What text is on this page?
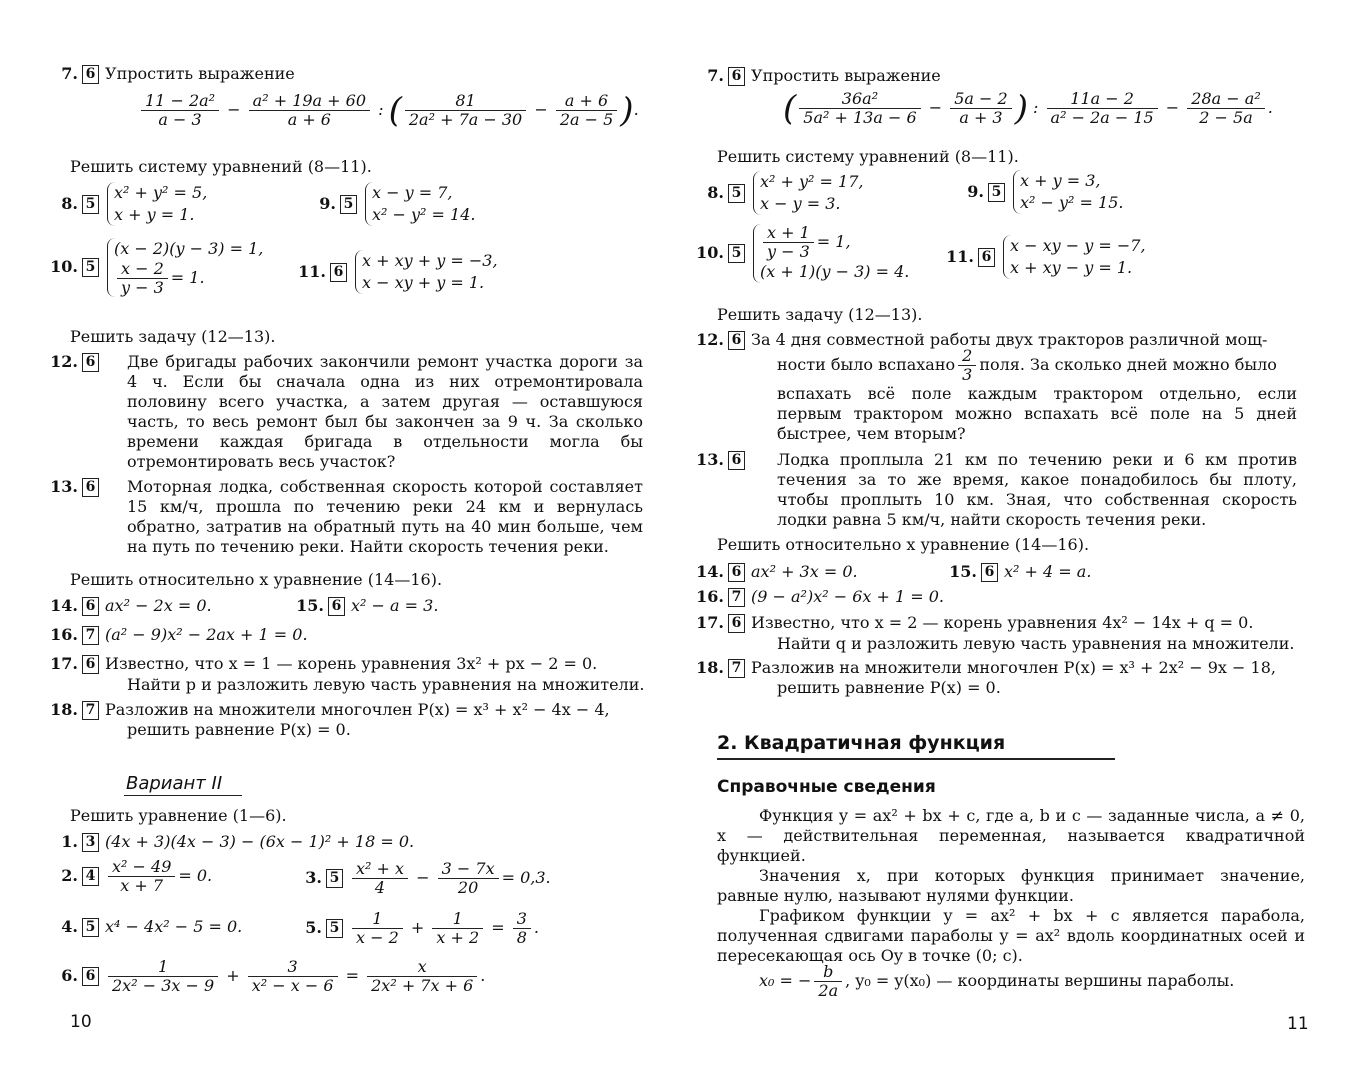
7. 6 Упростить выражение
$\frac{\text{11 − 2a²}}{a - 3} - \frac{\text{a² + 19a + 60}}{a + 6}$ : ( $\frac{81}{\text{2a² + 7a − 30}} - \frac{a + 6}{2a - 5}$ ).
Решить систему уравнений (8—11).
8. 5
x² + y² = 5,
x + y = 1.
9. 5
x − y = 7,
x² − y² = 14.
10. 5
(x − 2)(y − 3) = 1,
$\frac{x - 2}{y - 3} = 1$.	11. 6
x + xy + y = −3,
x − xy + y = 1.
Решить задачу (12—13).
12. 6	Две бригады рабочих закончили ремонт участка дороги за 4 ч. Если бы сначала одна из них отремонтировала половину всего участка, а затем другая — оставшуюся часть, то весь ремонт был бы закончен за 9 ч. За сколько времени каждая бригада в отдельности могла бы отремонтировать весь участок?
13. 6	Моторная лодка, собственная скорость которой составляет 15 км/ч, прошла по течению реки 24 км и вернулась обратно, затратив на обратный путь на 40 мин больше, чем на путь по течению реки. Найти скорость течения реки.
Решить относительно x уравнение (14—16).
14. 6 ax² − 2x = 0.	15. 6 x² − a = 3.
16. 7 (a² − 9)x² − 2ax + 1 = 0.
17. 6 Известно, что x = 1 — корень уравнения 3x² + px − 2 = 0.
Найти p и разложить левую часть уравнения на множители.
18. 7 Разложив на множители многочлен P(x) = x³ + x² − 4x − 4,
решить равнение P(x) = 0.
Вариант II
Решить уравнение (1—6).
1. 3 (4x + 3)(4x − 3) − (6x − 1)² + 18 = 0.
2. $4 \frac{\text{x² − 49}}{x + 7} = 0$.	3. $5 \frac{\text{x² + x}}{4} - \frac{3 - 7x}{20} = 0,3$.
4. 5 x⁴ − 4x² − 5 = 0.	5. $5 \frac{1}{x - 2} + \frac{1}{x + 2} = \frac{3}{8}$ .
6. $6 \frac{1}{\text{2x² − 3x − 9}} + \frac{3}{\text{x² − x − 6}} = \frac{x}{\text{2x² + 7x + 6}}$ .
10
7. 6 Упростить выражение
( $\frac{\text{36a²}}{\text{5a² + 13a − 6}} - \frac{5a - 2}{a + 3}$ ) : $\frac{11a - 2}{\text{a² − 2a − 15}} - \frac{\text{28a − a²}}{2 - 5a}$ .
Решить систему уравнений (8—11).
8. 5
x² + y² = 17,
x − y = 3.
9. 5
x + y = 3,
x² − y² = 15.
10. $5 \frac{x + 1}{y - 3} = 1$,
(x + 1)(y − 3) = 4.
11. 6
x − xy − y = −7,
x + xy − y = 1.
Решить задачу (12—13).
12. 6 За 4 дня совместной работы двух тракторов различной мощ-
ности было вспахано $\frac{2}{3}$ поля. За сколько дней можно было
вспахать всё поле каждым трактором отдельно, если первым трактором можно вспахать всё поле на 5 дней быстрее, чем вторым?
13. 6	Лодка проплыла 21 км по течению реки и 6 км против течения за то же время, какое понадобилось бы плоту, чтобы проплыть 10 км. Зная, что собственная скорость лодки равна 5 км/ч, найти скорость течения реки.
Решить относительно x уравнение (14—16).
14. 6 ax² + 3x = 0.	15. 6 x² + 4 = a.
16. 7 (9 − a²)x² − 6x + 1 = 0.
17. 6 Известно, что x = 2 — корень уравнения 4x² − 14x + q = 0.
Найти q и разложить левую часть уравнения на множители.
18. 7 Разложив на множители многочлен P(x) = x³ + 2x² − 9x − 18,
решить равнение P(x) = 0.
2. Квадратичная функция
Справочные сведения
Функция y = ax² + bx + c, где a, b и c — заданные числа, a ≠ 0, x — действительная переменная, называется квадратичной функцией.
Значения x, при которых функция принимает значение, равные нулю, называют нулями функции.
Графиком функции y = ax² + bx + c является парабола, полученная сдвигами параболы y = ax² вдоль координатных осей и пересекающая ось Oy в точке (0; c).
x₀ = − $\frac{b}{2a}$ , y₀ = y(x₀) — координаты вершины параболы.
11
